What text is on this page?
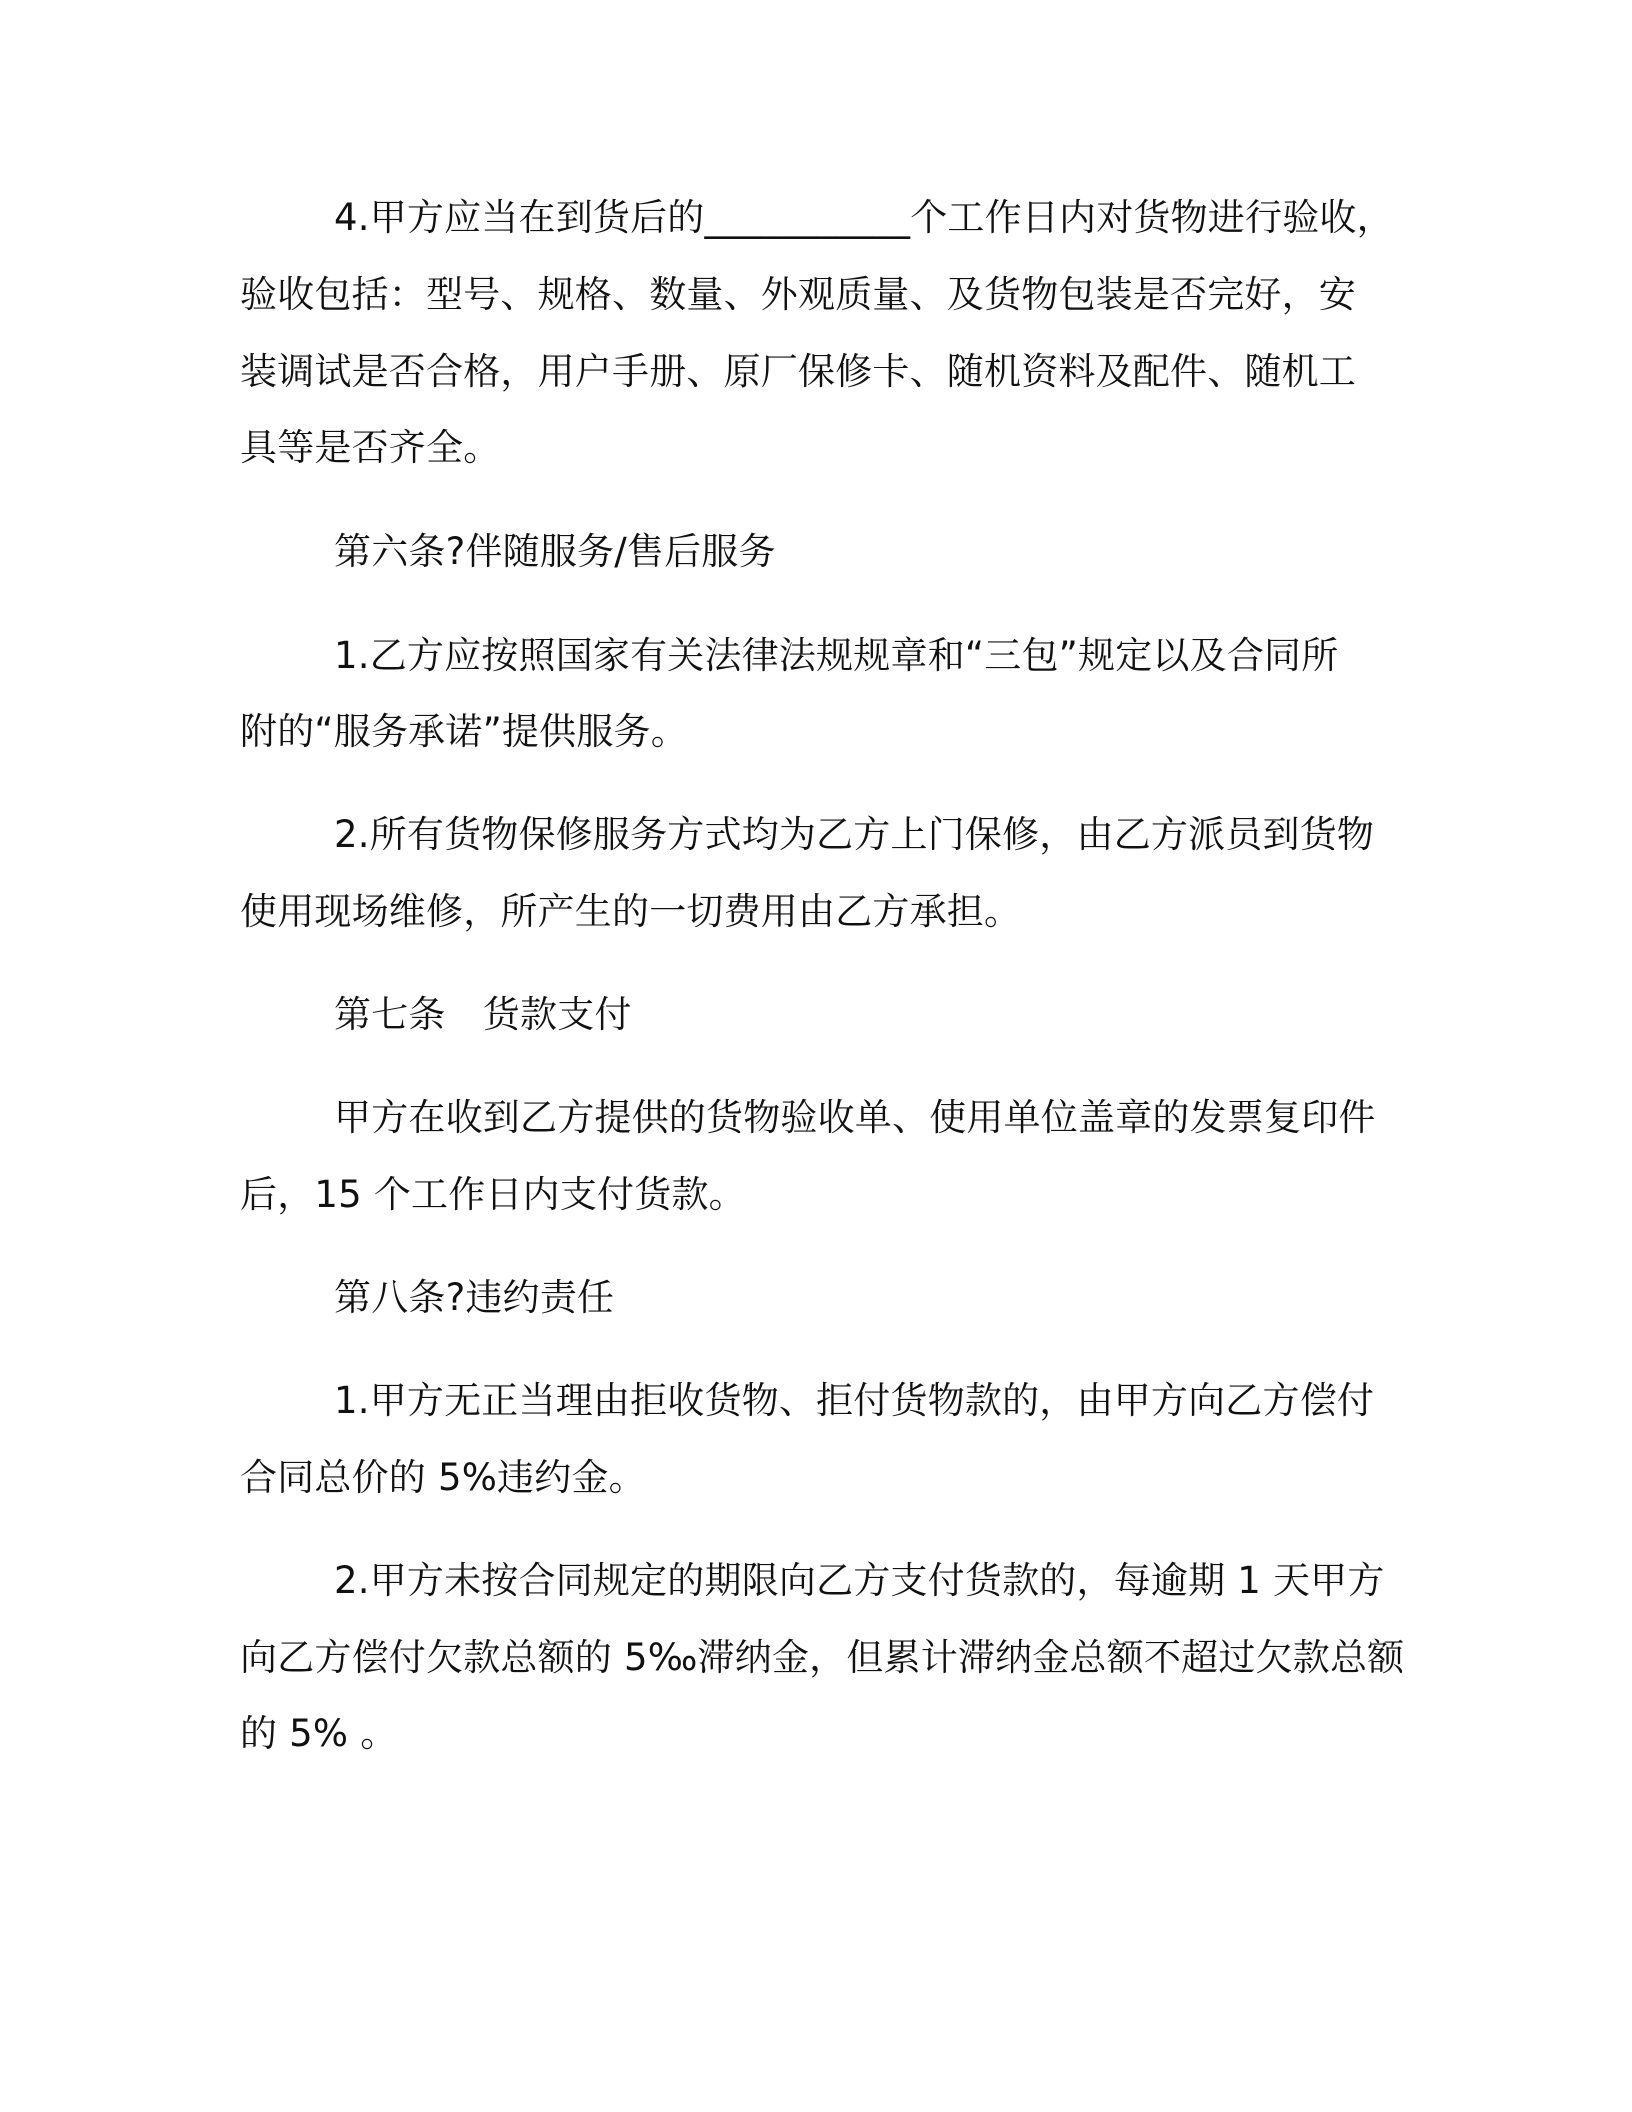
4.甲方应当在到货后的___________个工作日内对货物进行验收，
验收包括：型号、规格、数量、外观质量、及货物包装是否完好，安
装调试是否合格，用户手册、原厂保修卡、随机资料及配件、随机工
具等是否齐全。
第六条?伴随服务/售后服务
1.乙方应按照国家有关法律法规规章和“三包”规定以及合同所
附的“服务承诺”提供服务。
2.所有货物保修服务方式均为乙方上门保修，由乙方派员到货物
使用现场维修，所产生的一切费用由乙方承担。
第七条　货款支付
甲方在收到乙方提供的货物验收单、使用单位盖章的发票复印件
后，15 个工作日内支付货款。
第八条?违约责任
1.甲方无正当理由拒收货物、拒付货物款的，由甲方向乙方偿付
合同总价的 5%违约金。
2.甲方未按合同规定的期限向乙方支付货款的，每逾期 1 天甲方
向乙方偿付欠款总额的 5‰滞纳金，但累计滞纳金总额不超过欠款总额
的 5% 。
